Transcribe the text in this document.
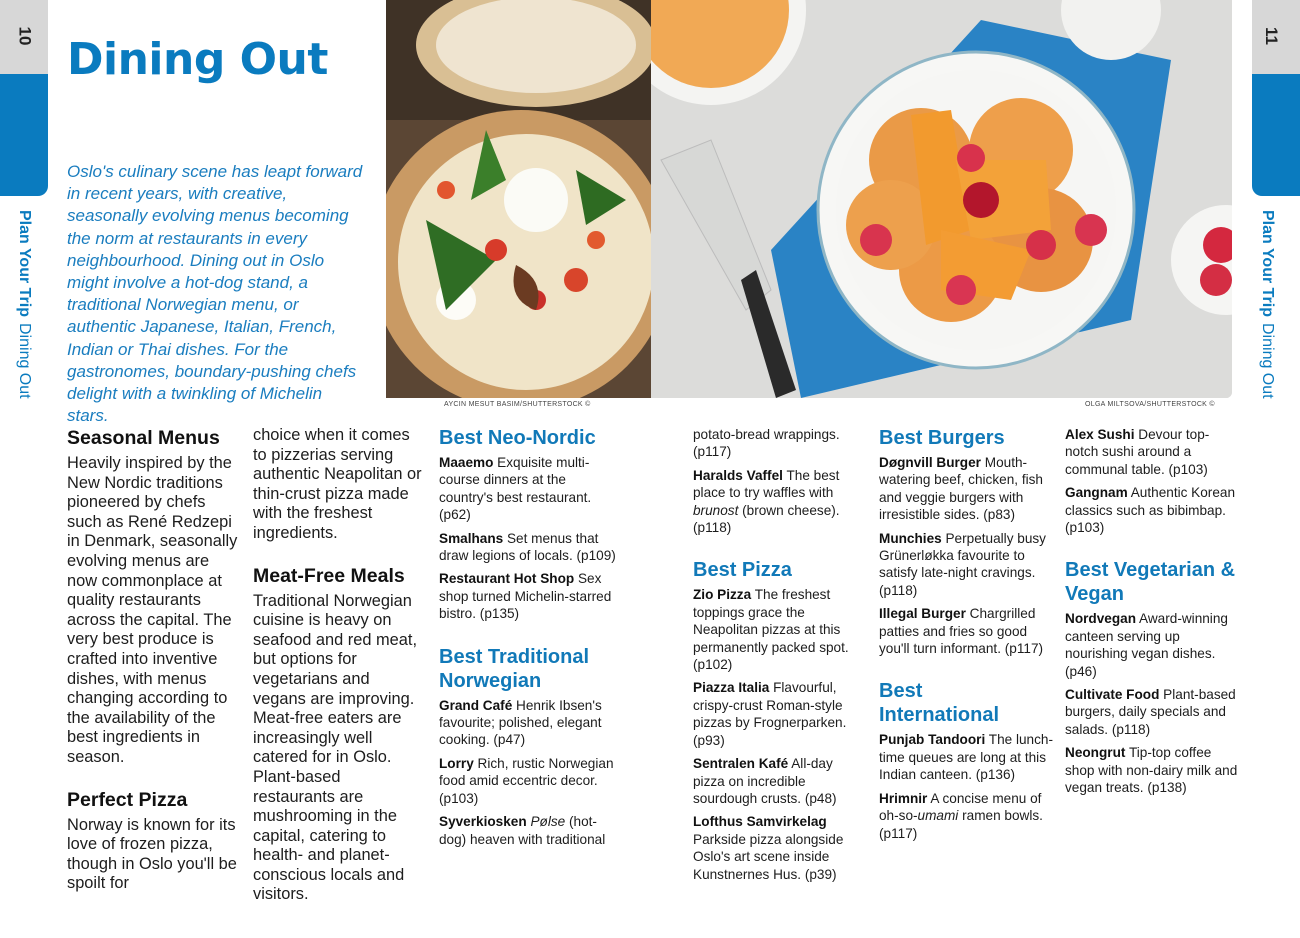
10	11
Plan Your TripDining Out
Plan Your TripDining Out
Dining Out

Oslo's culinary scene has leapt forward in recent years, with creative, seasonally evolving menus becoming the norm at restaurants in every neighbourhood. Dining out in Oslo might involve a hot-dog stand, a traditional Norwegian menu, or authentic Japanese, Italian, French, Indian or Thai dishes. For the gastronomes, boundary-pushing chefs delight with a twinkling of Michelin stars.

AYCIN MESUT BASIM/SHUTTERSTOCK ©	OLGA MILTSOVA/SHUTTERSTOCK ©
Seasonal Menus

Heavily inspired by the New Nordic traditions pioneered by chefs such as René Redzepi in Denmark, seasonally evolving menus are now commonplace at quality restaurants across the capital. The very best produce is crafted into inventive dishes, with menus changing according to the availability of the best ingredients in season.

Perfect Pizza

Norway is known for its love of frozen pizza, though in Oslo you'll be spoilt for

choice when it comes to pizzerias serving authentic Neapolitan or thin-crust pizza made with the freshest ingredients.

Meat-Free Meals

Traditional Norwegian cuisine is heavy on seafood and red meat, but options for vegetarians and vegans are improving. Meat-free eaters are increasingly well catered for in Oslo. Plant-based restaurants are mushrooming in the capital, catering to health- and planet-conscious locals and visitors.

Best Neo-Nordic

Maaemo Exquisite multi-course dinners at the country's best restaurant. (p62)

Smalhans Set menus that draw legions of locals. (p109)

Restaurant Hot Shop Sex shop turned Michelin-starred bistro. (p135)

Best Traditional Norwegian

Grand Café Henrik Ibsen's favourite; polished, elegant cooking. (p47)

Lorry Rich, rustic Norwegian food amid eccentric decor. (p103)

Syverkiosken Pølse (hot-dog) heaven with traditional

potato-bread wrappings. (p117)

Haralds Vaffel The best place to try waffles with brunost (brown cheese). (p118)

Best Pizza

Zio Pizza The freshest toppings grace the Neapolitan pizzas at this permanently packed spot. (p102)

Piazza Italia Flavourful, crispy-crust Roman-style pizzas by Frognerparken. (p93)

Sentralen Kafé All-day pizza on incredible sourdough crusts. (p48)

Lofthus Samvirkelag Parkside pizza alongside Oslo's art scene inside Kunstnernes Hus. (p39)

Best Burgers

Døgnvill Burger Mouth-watering beef, chicken, fish and veggie burgers with irresistible sides. (p83)

Munchies Perpetually busy Grünerløkka favourite to satisfy late-night cravings. (p118)

Illegal Burger Chargrilled patties and fries so good you'll turn informant. (p117)

Best International

Punjab Tandoori The lunch-time queues are long at this Indian canteen. (p136)

Hrimnir A concise menu of oh-so-umami ramen bowls. (p117)

Alex Sushi Devour top-notch sushi around a communal table. (p103)

Gangnam Authentic Korean classics such as bibimbap. (p103)

Best Vegetarian & Vegan

Nordvegan Award-winning canteen serving up nourishing vegan dishes. (p46)

Cultivate Food Plant-based burgers, daily specials and salads. (p118)

Neongrut Tip-top coffee shop with non-dairy milk and vegan treats. (p138)
